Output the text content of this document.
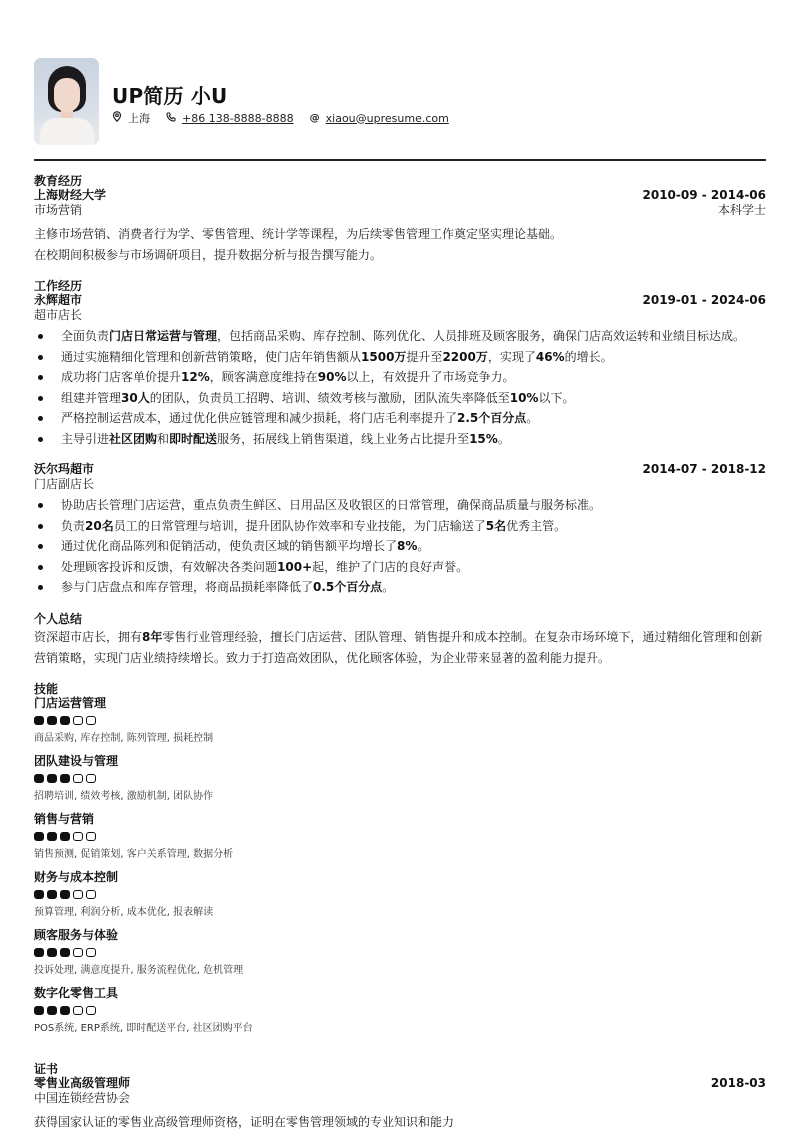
UP简历 小U
上海	+86 138-8888-8888 @ xiaou@upresume.com
教育经历
上海财经大学	2010-09 - 2014-06
市场营销	本科学士
主修市场营销、消费者行为学、零售管理、统计学等课程，为后续零售管理工作奠定坚实理论基础。
在校期间积极参与市场调研项目，提升数据分析与报告撰写能力。
工作经历
永辉超市	2019-01 - 2024-06
超市店长
全面负责门店日常运营与管理，包括商品采购、库存控制、陈列优化、人员排班及顾客服务，确保门店高效运转和业绩目标达成。
通过实施精细化管理和创新营销策略，使门店年销售额从1500万提升至2200万，实现了46%的增长。
成功将门店客单价提升12%，顾客满意度维持在90%以上，有效提升了市场竞争力。
组建并管理30人的团队，负责员工招聘、培训、绩效考核与激励，团队流失率降低至10%以下。
严格控制运营成本，通过优化供应链管理和减少损耗，将门店毛利率提升了2.5个百分点。
主导引进社区团购和即时配送服务，拓展线上销售渠道，线上业务占比提升至15%。
沃尔玛超市	2014-07 - 2018-12
门店副店长
协助店长管理门店运营，重点负责生鲜区、日用品区及收银区的日常管理，确保商品质量与服务标准。
负责20名员工的日常管理与培训，提升团队协作效率和专业技能，为门店输送了5名优秀主管。
通过优化商品陈列和促销活动，使负责区域的销售额平均增长了8%。
处理顾客投诉和反馈，有效解决各类问题100+起，维护了门店的良好声誉。
参与门店盘点和库存管理，将商品损耗率降低了0.5个百分点。
个人总结
资深超市店长，拥有8年零售行业管理经验，擅长门店运营、团队管理、销售提升和成本控制。在复杂市场环境下，通过精细化管理和创新营销策略，实现门店业绩持续增长。致力于打造高效团队，优化顾客体验，为企业带来显著的盈利能力提升。
技能
门店运营管理
商品采购, 库存控制, 陈列管理, 损耗控制
团队建设与管理
招聘培训, 绩效考核, 激励机制, 团队协作
销售与营销
销售预测, 促销策划, 客户关系管理, 数据分析
财务与成本控制
预算管理, 利润分析, 成本优化, 报表解读
顾客服务与体验
投诉处理, 满意度提升, 服务流程优化, 危机管理
数字化零售工具
POS系统, ERP系统, 即时配送平台, 社区团购平台
证书
零售业高级管理师	2018-03
中国连锁经营协会
获得国家认证的零售业高级管理师资格，证明在零售管理领域的专业知识和能力
